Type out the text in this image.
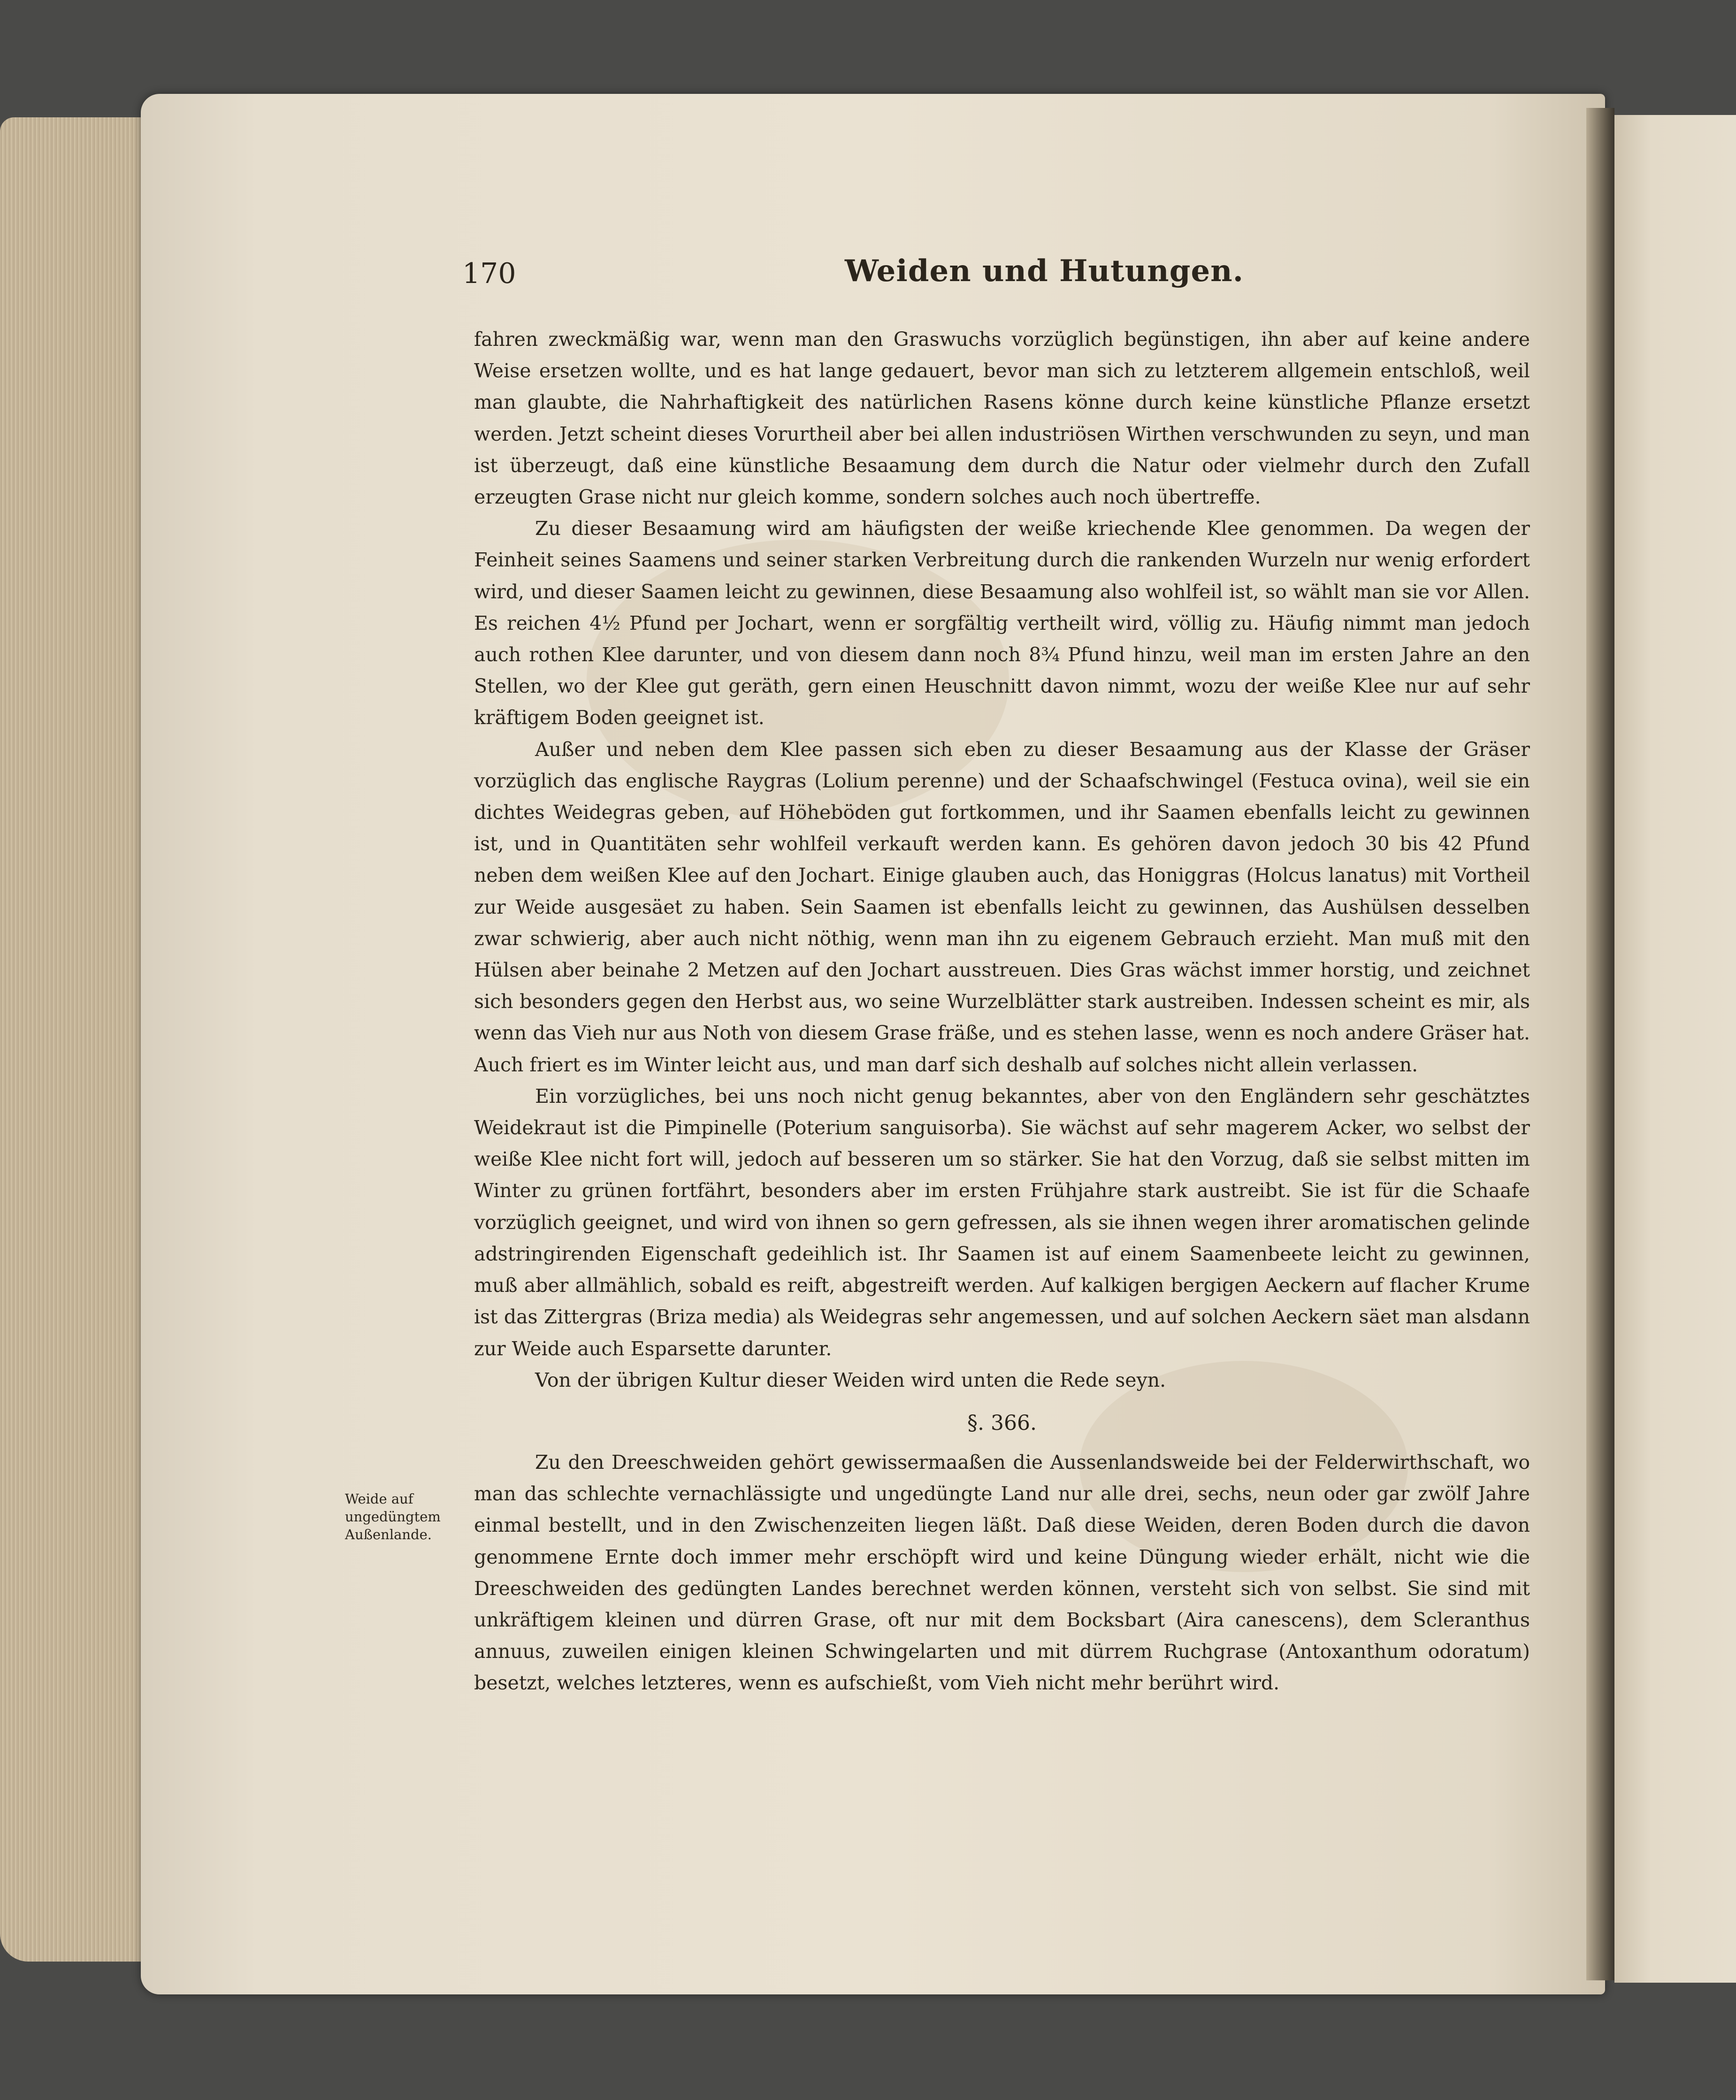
170	Weiden und Hutungen.

fahren zweckmäßig war, wenn man den Graswuchs vorzüglich begünstigen, ihn aber auf keine andere Weise ersetzen wollte, und es hat lange gedauert, bevor man sich zu letzterem allgemein entschloß, weil man glaubte, die Nahrhaftigkeit des natürlichen Rasens könne durch keine künstliche Pflanze ersetzt werden. Jetzt scheint dieses Vorurtheil aber bei allen industriösen Wirthen verschwunden zu seyn, und man ist überzeugt, daß eine künstliche Besaamung dem durch die Natur oder vielmehr durch den Zufall erzeugten Grase nicht nur gleich komme, sondern solches auch noch übertreffe.

Zu dieser Besaamung wird am häufigsten der weiße kriechende Klee genommen. Da wegen der Feinheit seines Saamens und seiner starken Verbreitung durch die rankenden Wurzeln nur wenig erfordert wird, und dieser Saamen leicht zu gewinnen, diese Besaamung also wohlfeil ist, so wählt man sie vor Allen. Es reichen 4½ Pfund per Jochart, wenn er sorgfältig vertheilt wird, völlig zu. Häufig nimmt man jedoch auch rothen Klee darunter, und von diesem dann noch 8¾ Pfund hinzu, weil man im ersten Jahre an den Stellen, wo der Klee gut geräth, gern einen Heuschnitt davon nimmt, wozu der weiße Klee nur auf sehr kräftigem Boden geeignet ist.

Außer und neben dem Klee passen sich eben zu dieser Besaamung aus der Klasse der Gräser vorzüglich das englische Raygras (Lolium perenne) und der Schaafschwingel (Festuca ovina), weil sie ein dichtes Weidegras geben, auf Höheböden gut fortkommen, und ihr Saamen ebenfalls leicht zu gewinnen ist, und in Quantitäten sehr wohlfeil verkauft werden kann. Es gehören davon jedoch 30 bis 42 Pfund neben dem weißen Klee auf den Jochart. Einige glauben auch, das Honiggras (Holcus lanatus) mit Vortheil zur Weide ausgesäet zu haben. Sein Saamen ist ebenfalls leicht zu gewinnen, das Aushülsen desselben zwar schwierig, aber auch nicht nöthig, wenn man ihn zu eigenem Gebrauch erzieht. Man muß mit den Hülsen aber beinahe 2 Metzen auf den Jochart ausstreuen. Dies Gras wächst immer horstig, und zeichnet sich besonders gegen den Herbst aus, wo seine Wurzelblätter stark austreiben. Indessen scheint es mir, als wenn das Vieh nur aus Noth von diesem Grase fräße, und es stehen lasse, wenn es noch andere Gräser hat. Auch friert es im Winter leicht aus, und man darf sich deshalb auf solches nicht allein verlassen.

Ein vorzügliches, bei uns noch nicht genug bekanntes, aber von den Engländern sehr geschätztes Weidekraut ist die Pimpinelle (Poterium sanguisorba). Sie wächst auf sehr magerem Acker, wo selbst der weiße Klee nicht fort will, jedoch auf besseren um so stärker. Sie hat den Vorzug, daß sie selbst mitten im Winter zu grünen fortfährt, besonders aber im ersten Frühjahre stark austreibt. Sie ist für die Schaafe vorzüglich geeignet, und wird von ihnen so gern gefressen, als sie ihnen wegen ihrer aromatischen gelinde adstringirenden Eigenschaft gedeihlich ist. Ihr Saamen ist auf einem Saamenbeete leicht zu gewinnen, muß aber allmählich, sobald es reift, abgestreift werden. Auf kalkigen bergigen Aeckern auf flacher Krume ist das Zittergras (Briza media) als Weidegras sehr angemessen, und auf solchen Aeckern säet man alsdann zur Weide auch Esparsette darunter.

Von der übrigen Kultur dieser Weiden wird unten die Rede seyn.

§. 366.

Zu den Dreeschweiden gehört gewissermaaßen die Aussenlandsweide bei der Felderwirthschaft, wo man das schlechte vernachlässigte und ungedüngte Land nur alle drei, sechs, neun oder gar zwölf Jahre einmal bestellt, und in den Zwischenzeiten liegen läßt. Daß diese Weiden, deren Boden durch die davon genommene Ernte doch immer mehr erschöpft wird und keine Düngung wieder erhält, nicht wie die Dreeschweiden des gedüngten Landes berechnet werden können, versteht sich von selbst. Sie sind mit unkräftigem kleinen und dürren Grase, oft nur mit dem Bocksbart (Aira canescens), dem Scleranthus annuus, zuweilen einigen kleinen Schwingelarten und mit dürrem Ruchgrase (Antoxanthum odoratum) besetzt, welches letzteres, wenn es aufschießt, vom Vieh nicht mehr berührt wird.

Weide auf ungedüngtem Außenlande.
